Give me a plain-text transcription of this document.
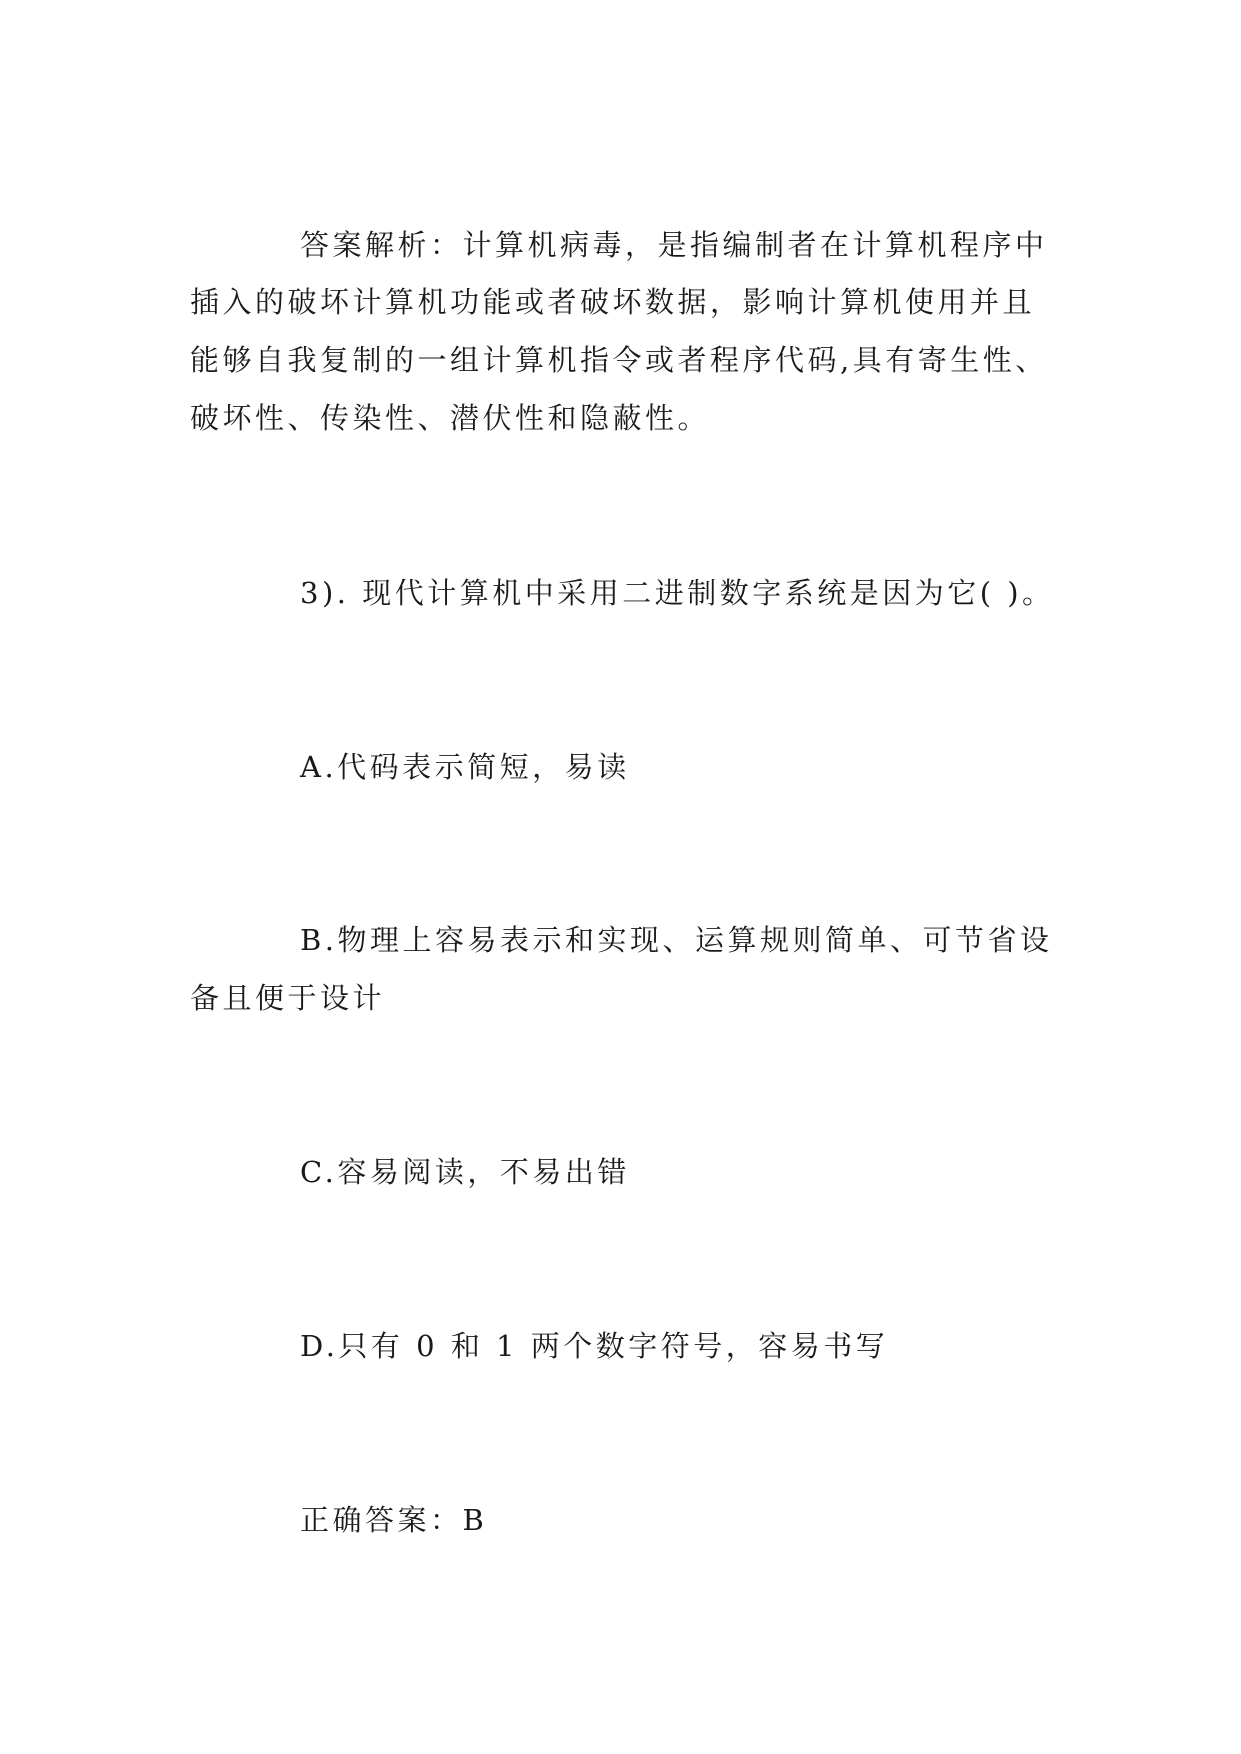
答案解析：计算机病毒，是指编制者在计算机程序中
插入的破坏计算机功能或者破坏数据，影响计算机使用并且
能够自我复制的一组计算机指令或者程序代码,具有寄生性、
破坏性、传染性、潜伏性和隐蔽性。
3). 现代计算机中采用二进制数字系统是因为它( )。
A.代码表示简短，易读
B.物理上容易表示和实现、运算规则简单、可节省设
备且便于设计
C.容易阅读，不易出错
D.只有 0 和 1 两个数字符号，容易书写
正确答案：B
